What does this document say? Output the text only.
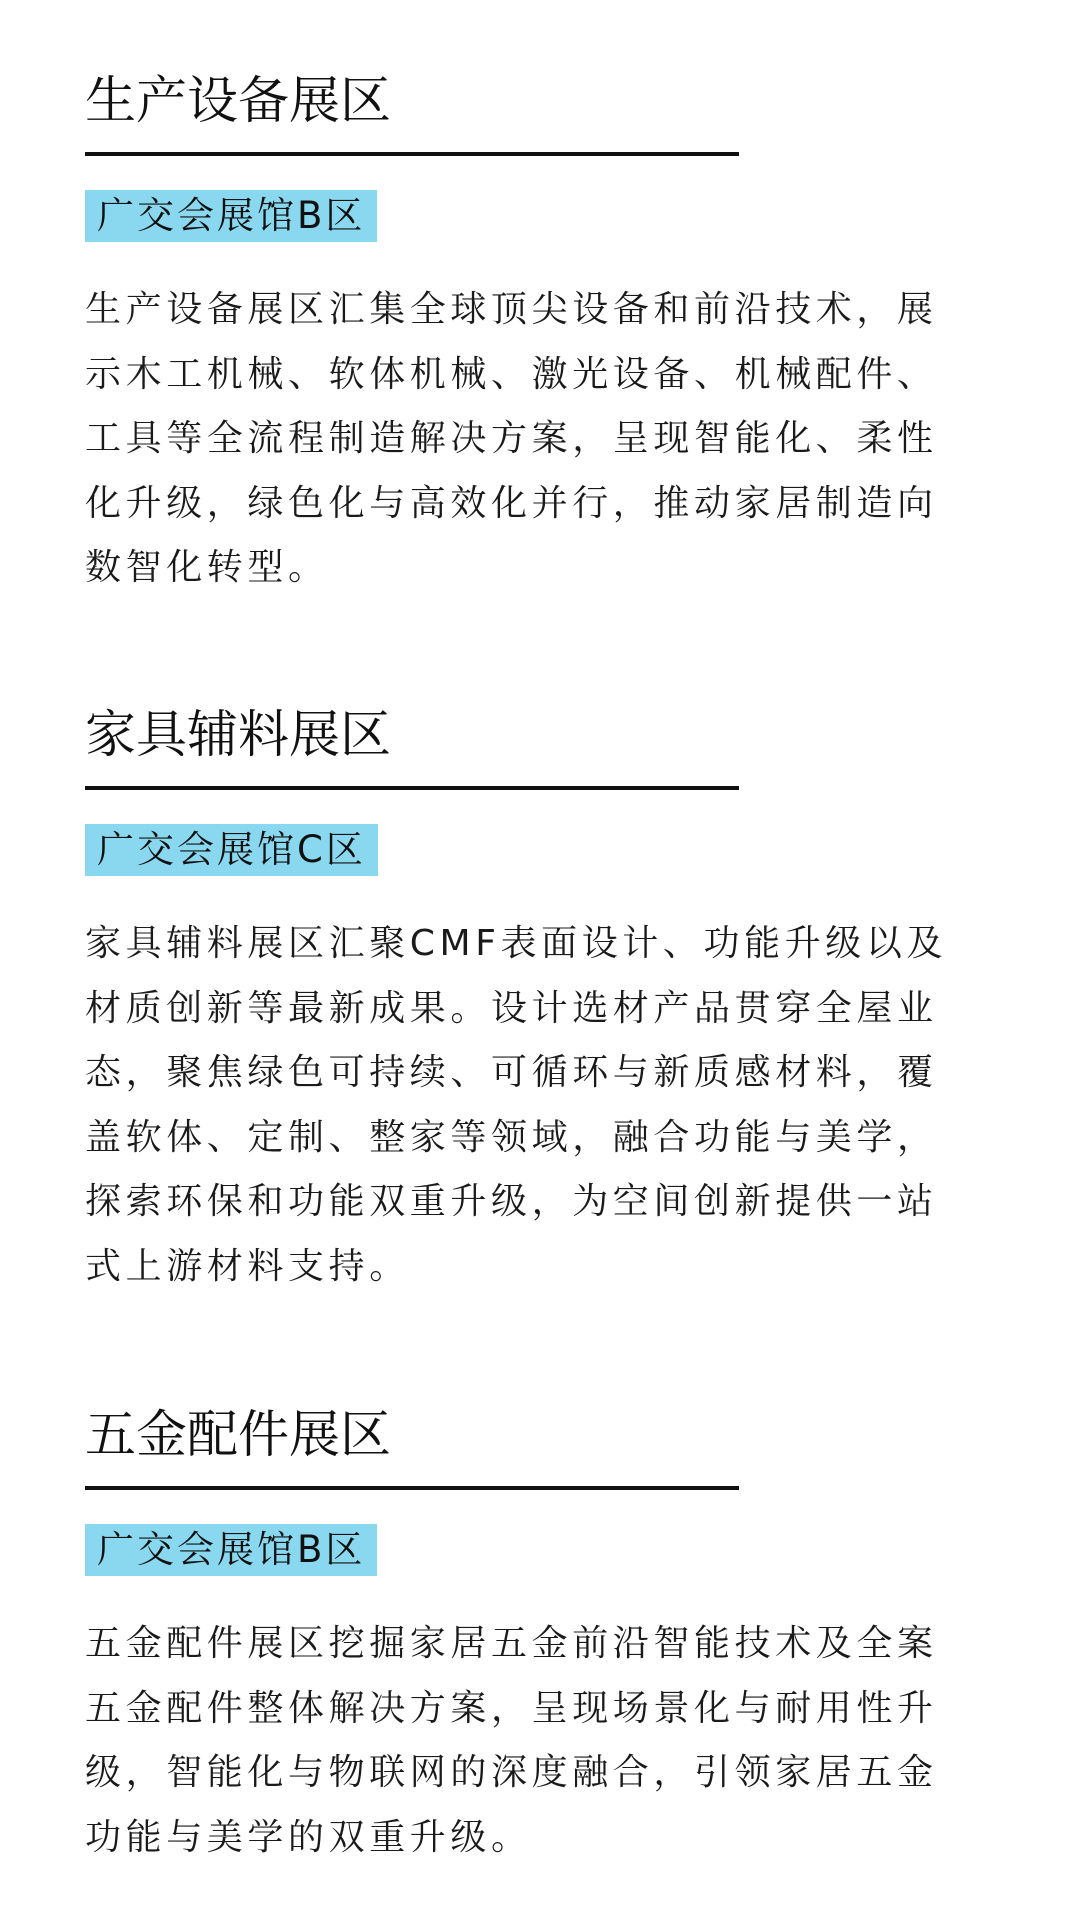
生产设备展区
广交会展馆B区
生产设备展区汇集全球顶尖设备和前沿技术，展
示木工机械、软体机械、激光设备、机械配件、
工具等全流程制造解决方案，呈现智能化、柔性
化升级，绿色化与高效化并行，推动家居制造向
数智化转型。
家具辅料展区
广交会展馆C区
家具辅料展区汇聚CMF表面设计、功能升级以及
材质创新等最新成果。设计选材产品贯穿全屋业
态，聚焦绿色可持续、可循环与新质感材料，覆
盖软体、定制、整家等领域，融合功能与美学，
探索环保和功能双重升级，为空间创新提供一站
式上游材料支持。
五金配件展区
广交会展馆B区
五金配件展区挖掘家居五金前沿智能技术及全案
五金配件整体解决方案，呈现场景化与耐用性升
级，智能化与物联网的深度融合，引领家居五金
功能与美学的双重升级。
